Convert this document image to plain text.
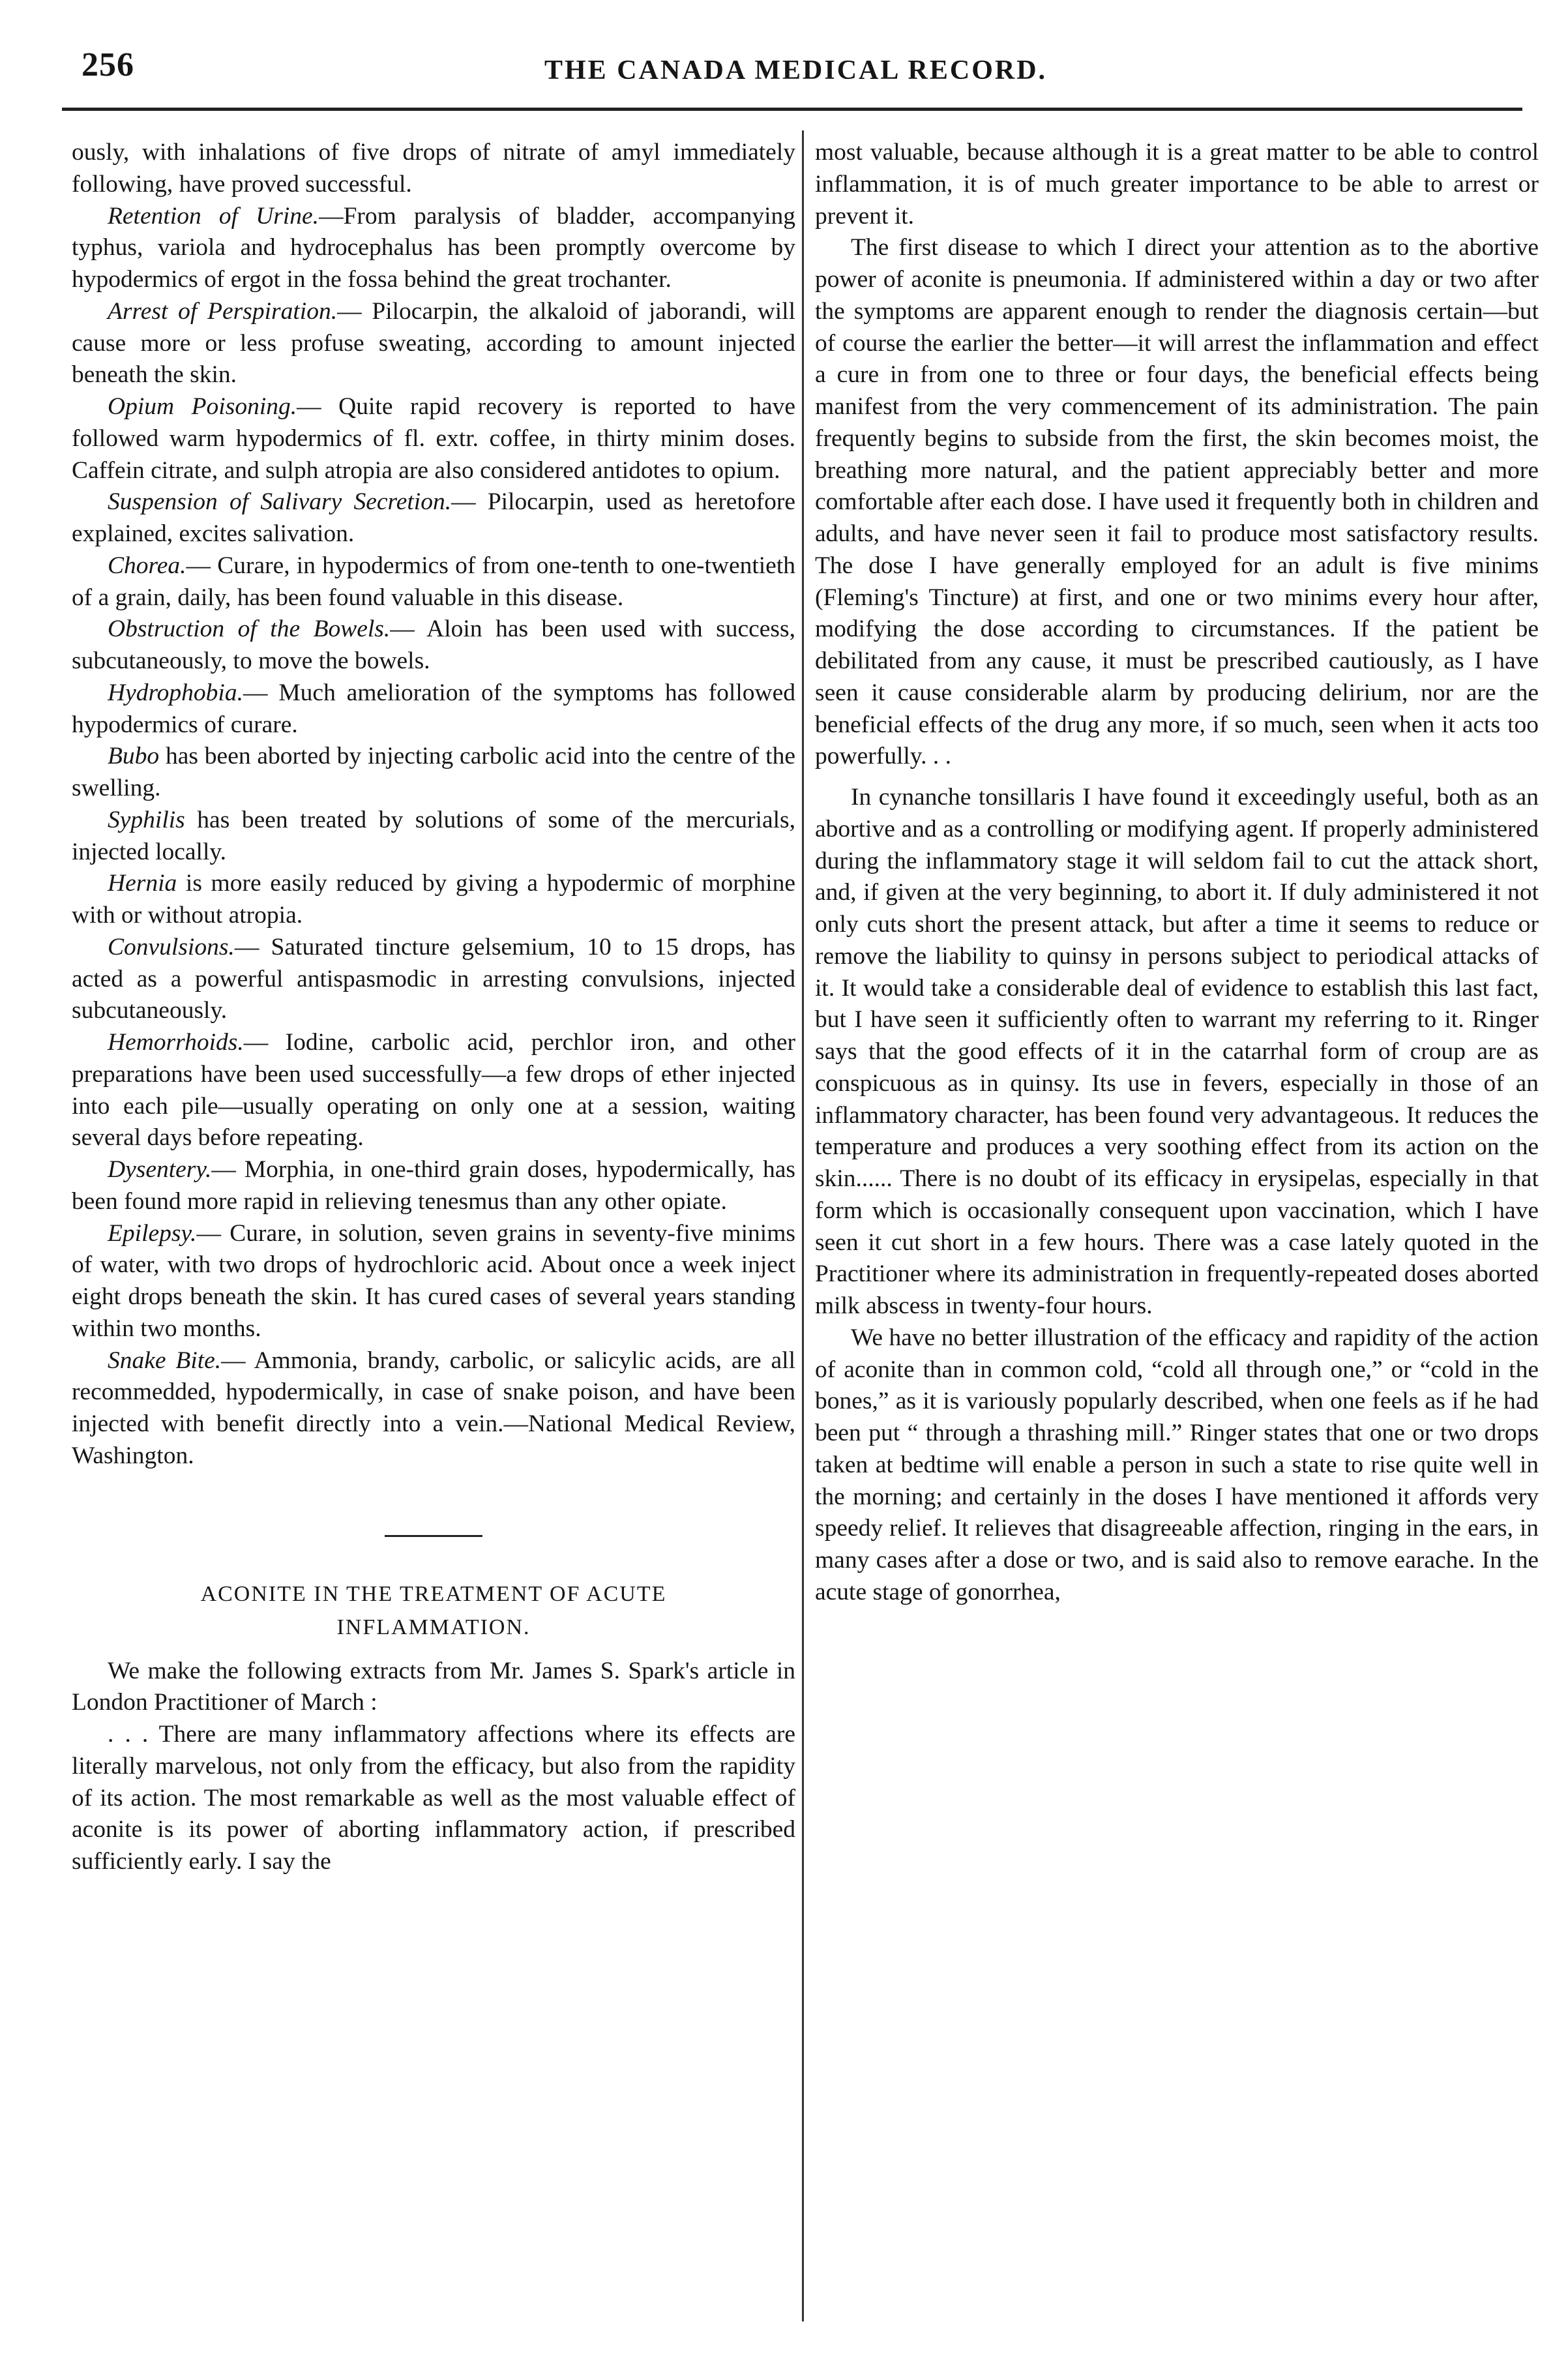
256	THE CANADA MEDICAL RECORD.

ously, with inhalations of five drops of nitrate of amyl immediately following, have proved successful.

Retention of Urine.—From paralysis of bladder, accompanying typhus, variola and hydrocephalus has been promptly overcome by hypodermics of ergot in the fossa behind the great trochanter.

Arrest of Perspiration.— Pilocarpin, the alkaloid of jaborandi, will cause more or less profuse sweating, according to amount injected beneath the skin.

Opium Poisoning.— Quite rapid recovery is reported to have followed warm hypodermics of fl. extr. coffee, in thirty minim doses. Caffein citrate, and sulph atropia are also considered antidotes to opium.

Suspension of Salivary Secretion.— Pilocarpin, used as heretofore explained, excites salivation.

Chorea.— Curare, in hypodermics of from one-tenth to one-twentieth of a grain, daily, has been found valuable in this disease.

Obstruction of the Bowels.— Aloin has been used with success, subcutaneously, to move the bowels.

Hydrophobia.— Much amelioration of the symptoms has followed hypodermics of curare.

Bubo has been aborted by injecting carbolic acid into the centre of the swelling.

Syphilis has been treated by solutions of some of the mercurials, injected locally.

Hernia is more easily reduced by giving a hypodermic of morphine with or without atropia.

Convulsions.— Saturated tincture gelsemium, 10 to 15 drops, has acted as a powerful antispasmodic in arresting convulsions, injected subcutaneously.

Hemorrhoids.— Iodine, carbolic acid, perchlor iron, and other preparations have been used successfully—a few drops of ether injected into each pile—usually operating on only one at a session, waiting several days before repeating.

Dysentery.— Morphia, in one-third grain doses, hypodermically, has been found more rapid in relieving tenesmus than any other opiate.

Epilepsy.— Curare, in solution, seven grains in seventy-five minims of water, with two drops of hydrochloric acid. About once a week inject eight drops beneath the skin. It has cured cases of several years standing within two months.

Snake Bite.— Ammonia, brandy, carbolic, or salicylic acids, are all recommedded, hypodermically, in case of snake poison, and have been injected with benefit directly into a vein.—National Medical Review, Washington.

ACONITE IN THE TREATMENT OF ACUTE
INFLAMMATION.

We make the following extracts from Mr. James S. Spark's article in London Practitioner of March :

. . . There are many inflammatory affections where its effects are literally marvelous, not only from the efficacy, but also from the rapidity of its action. The most remarkable as well as the most valuable effect of aconite is its power of aborting inflammatory action, if prescribed sufficiently early. I say the

most valuable, because although it is a great matter to be able to control inflammation, it is of much greater importance to be able to arrest or prevent it.

The first disease to which I direct your attention as to the abortive power of aconite is pneumonia. If administered within a day or two after the symptoms are apparent enough to render the diagnosis certain—but of course the earlier the better—it will arrest the inflammation and effect a cure in from one to three or four days, the beneficial effects being manifest from the very commencement of its administration. The pain frequently begins to subside from the first, the skin becomes moist, the breathing more natural, and the patient appreciably better and more comfortable after each dose. I have used it frequently both in children and adults, and have never seen it fail to produce most satisfactory results. The dose I have generally employed for an adult is five minims (Fleming's Tincture) at first, and one or two minims every hour after, modifying the dose according to circumstances. If the patient be debilitated from any cause, it must be prescribed cautiously, as I have seen it cause considerable alarm by producing delirium, nor are the beneficial effects of the drug any more, if so much, seen when it acts too powerfully. . .

In cynanche tonsillaris I have found it exceedingly useful, both as an abortive and as a controlling or modifying agent. If properly administered during the inflammatory stage it will seldom fail to cut the attack short, and, if given at the very beginning, to abort it. If duly administered it not only cuts short the present attack, but after a time it seems to reduce or remove the liability to quinsy in persons subject to periodical attacks of it. It would take a considerable deal of evidence to establish this last fact, but I have seen it sufficiently often to warrant my referring to it. Ringer says that the good effects of it in the catarrhal form of croup are as conspicuous as in quinsy. Its use in fevers, especially in those of an inflammatory character, has been found very advantageous. It reduces the temperature and produces a very soothing effect from its action on the skin...... There is no doubt of its efficacy in erysipelas, especially in that form which is occasionally consequent upon vaccination, which I have seen it cut short in a few hours. There was a case lately quoted in the Practitioner where its administration in frequently-repeated doses aborted milk abscess in twenty-four hours.

We have no better illustration of the efficacy and rapidity of the action of aconite than in common cold, “cold all through one,” or “cold in the bones,” as it is variously popularly described, when one feels as if he had been put “ through a thrashing mill.” Ringer states that one or two drops taken at bedtime will enable a person in such a state to rise quite well in the morning; and certainly in the doses I have mentioned it affords very speedy relief. It relieves that disagreeable affection, ringing in the ears, in many cases after a dose or two, and is said also to remove earache. In the acute stage of gonorrhea,
